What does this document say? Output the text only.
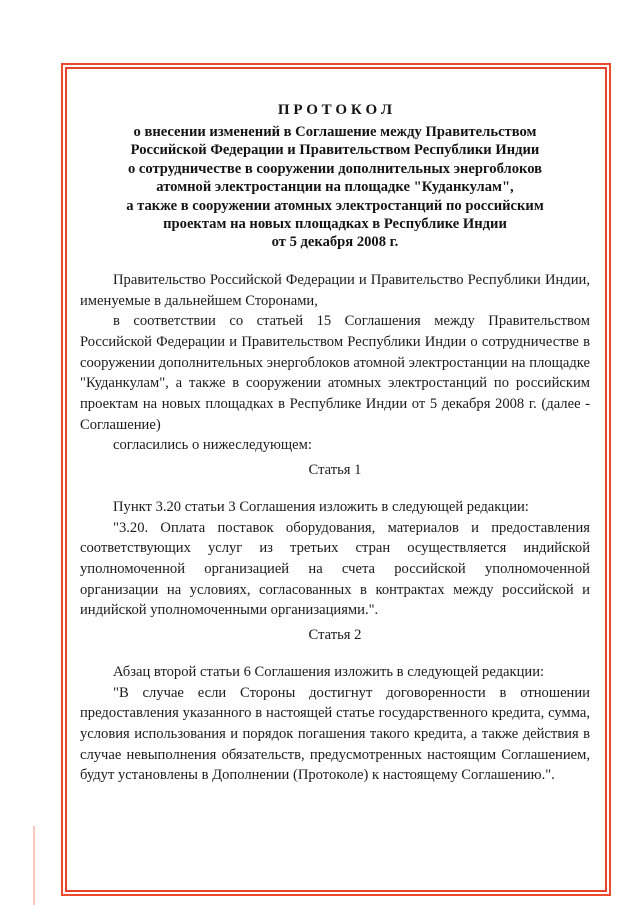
П Р О Т О К О Л
о внесении изменений в Соглашение между Правительством
Российской Федерации и Правительством Республики Индии
о сотрудничестве в сооружении дополнительных энергоблоков
атомной электростанции на площадке "Куданкулам",
а также в сооружении атомных электростанций по российским
проектам на новых площадках в Республике Индии
от 5 декабря 2008 г.

Правительство Российской Федерации и Правительство Республики Индии, именуемые в дальнейшем Сторонами,

в соответствии со статьей 15 Соглашения между Правительством Российской Федерации и Правительством Республики Индии о сотрудничестве в сооружении дополнительных энергоблоков атомной электростанции на площадке "Куданкулам", а также в сооружении атомных электростанций по российским проектам на новых площадках в Республике Индии от 5 декабря 2008 г. (далее - Соглашение)

согласились о нижеследующем:

Статья 1

Пункт 3.20 статьи 3 Соглашения изложить в следующей редакции:

"3.20. Оплата поставок оборудования, материалов и предоставления соответствующих услуг из третьих стран осуществляется индийской уполномоченной организацией на счета российской уполномоченной организации на условиях, согласованных в контрактах между российской и индийской уполномоченными организациями.".

Статья 2

Абзац второй статьи 6 Соглашения изложить в следующей редакции:

"В случае если Стороны достигнут договоренности в отношении предоставления указанного в настоящей статье государственного кредита, сумма, условия использования и порядок погашения такого кредита, а также действия в случае невыполнения обязательств, предусмотренных настоящим Соглашением, будут установлены в Дополнении (Протоколе) к настоящему Соглашению.".
